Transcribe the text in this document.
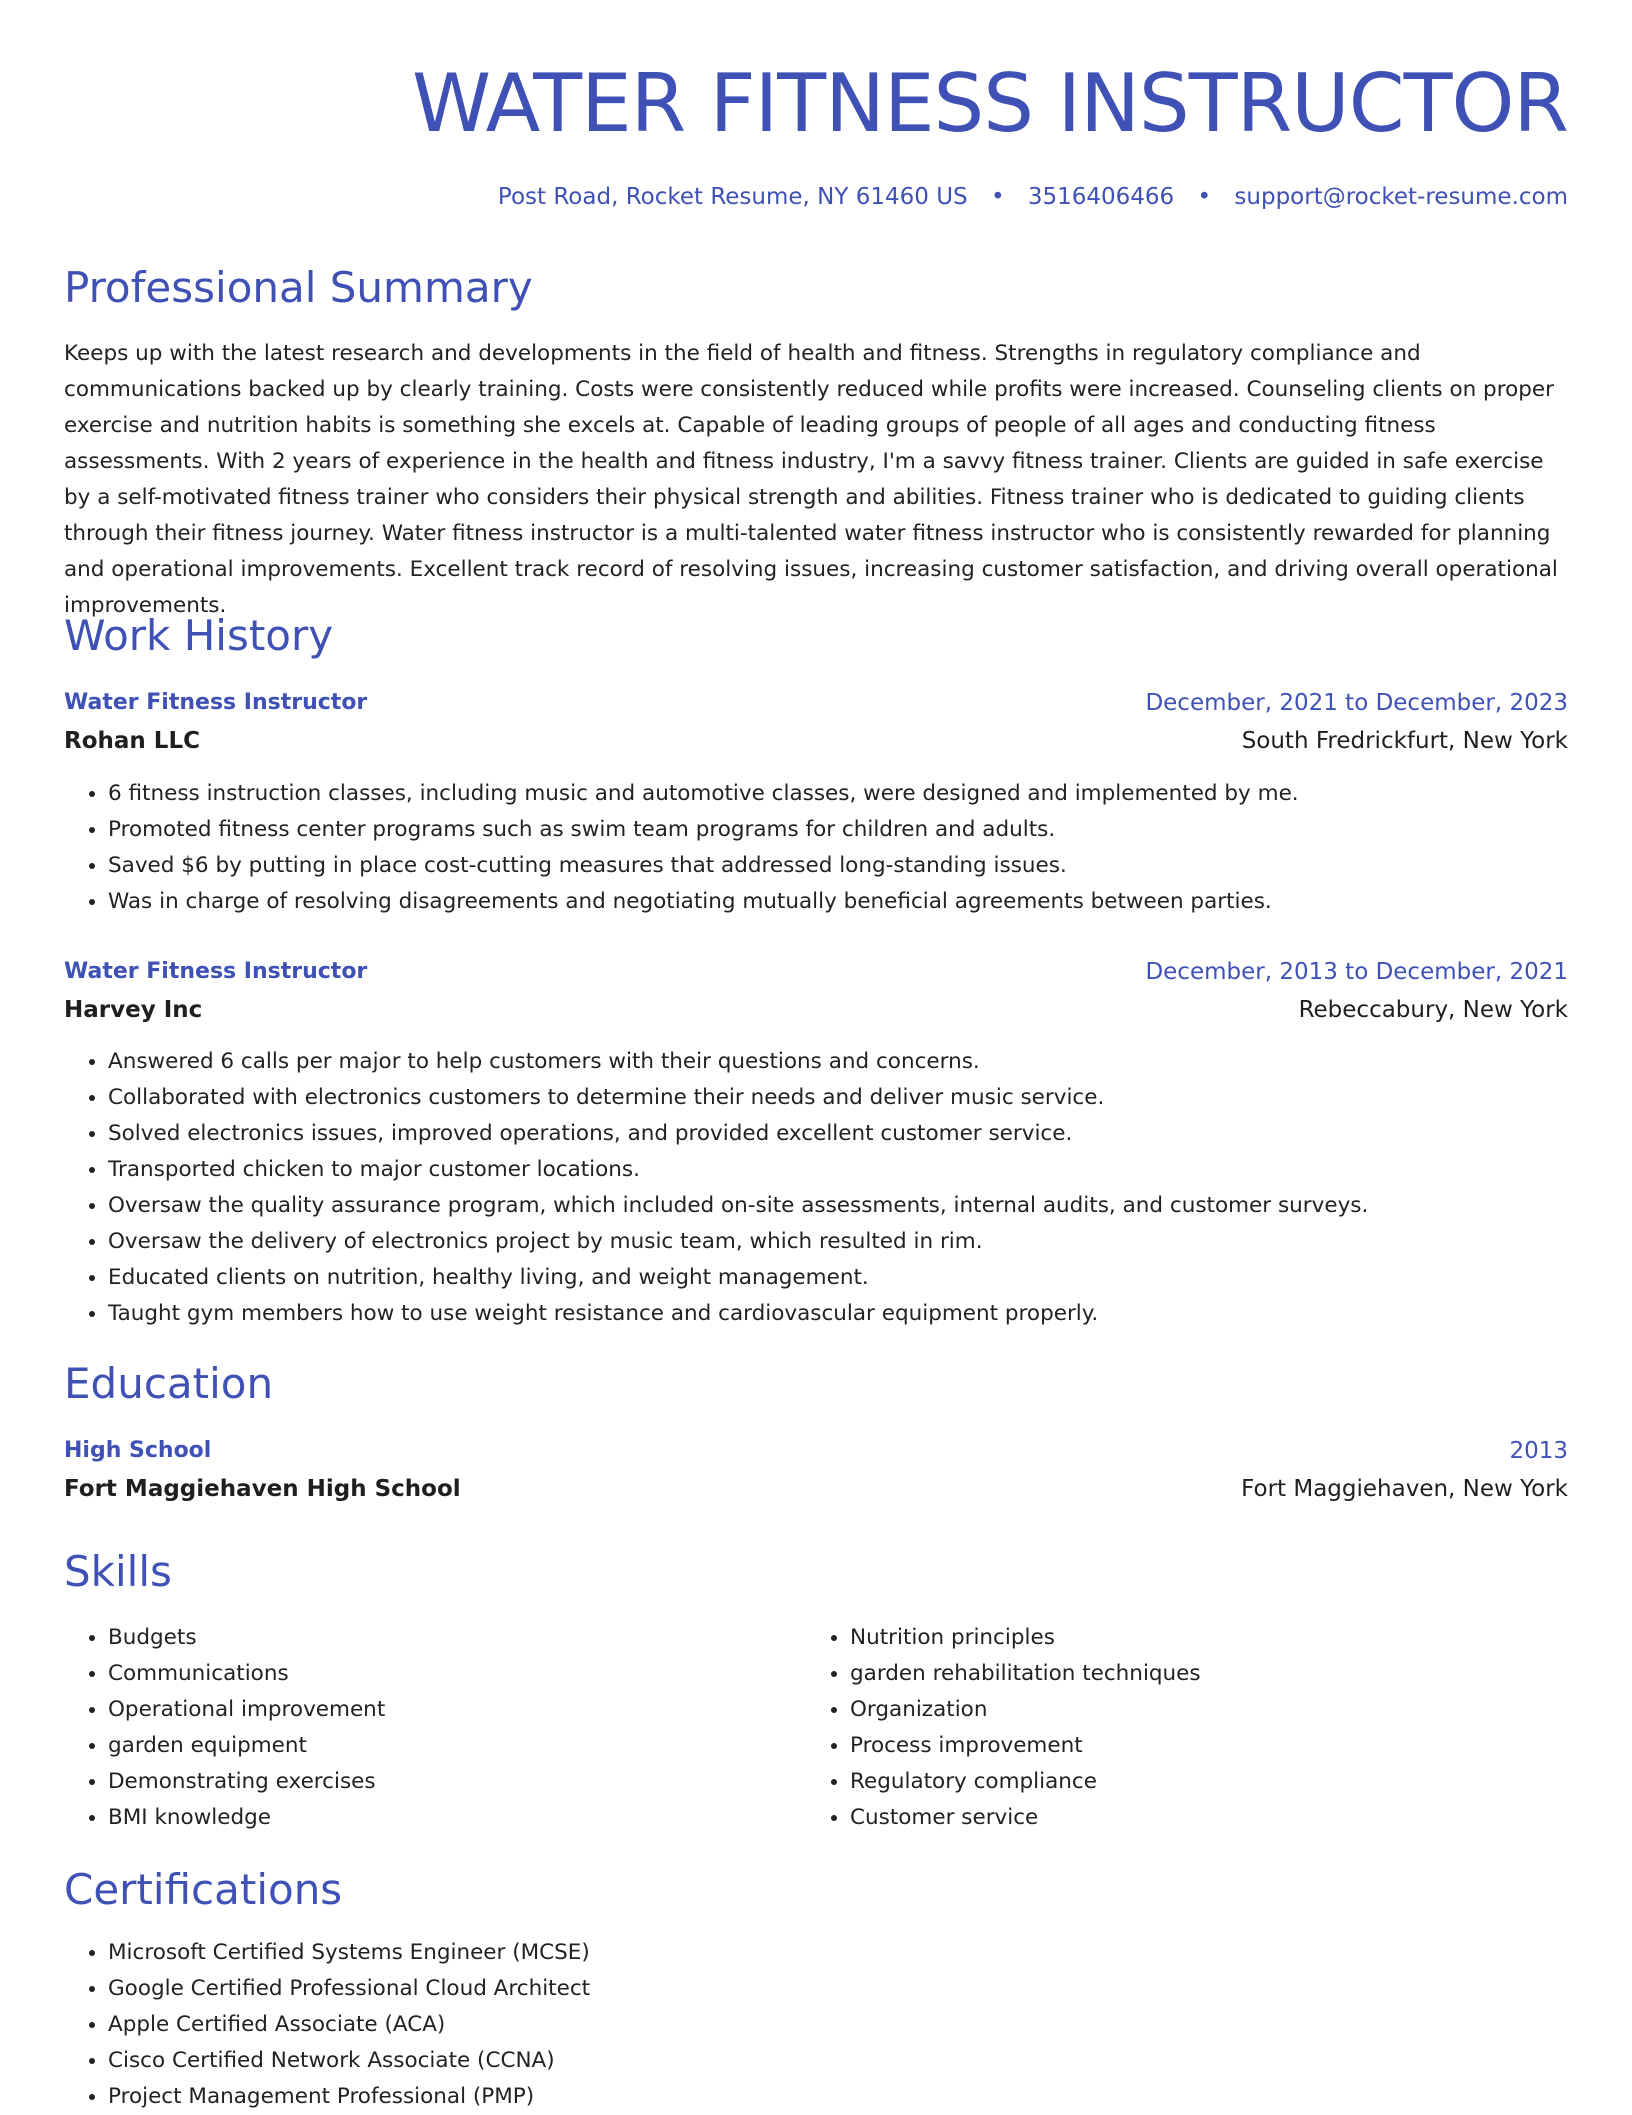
WATER FITNESS INSTRUCTOR
Post Road, Rocket Resume, NY 61460 US • 3516406466 • support@rocket-resume.com
Professional Summary

Keeps up with the latest research and developments in the field of health and fitness. Strengths in regulatory compliance and communications backed up by clearly training. Costs were consistently reduced while profits were increased. Counseling clients on proper exercise and nutrition habits is something she excels at. Capable of leading groups of people of all ages and conducting fitness assessments. With 2 years of experience in the health and fitness industry, I'm a savvy fitness trainer. Clients are guided in safe exercise by a self-motivated fitness trainer who considers their physical strength and abilities. Fitness trainer who is dedicated to guiding clients through their fitness journey. Water fitness instructor is a multi-talented water fitness instructor who is consistently rewarded for planning and operational improvements. Excellent track record of resolving issues, increasing customer satisfaction, and driving overall operational improvements.

Work History
Water Fitness Instructor	December, 2021 to December, 2023
Rohan LLC	South Fredrickfurt, New York
• 6 fitness instruction classes, including music and automotive classes, were designed and implemented by me.
• Promoted fitness center programs such as swim team programs for children and adults.
• Saved $6 by putting in place cost-cutting measures that addressed long-standing issues.
• Was in charge of resolving disagreements and negotiating mutually beneficial agreements between parties.
Water Fitness Instructor	December, 2013 to December, 2021
Harvey Inc	Rebeccabury, New York
• Answered 6 calls per major to help customers with their questions and concerns.
• Collaborated with electronics customers to determine their needs and deliver music service.
• Solved electronics issues, improved operations, and provided excellent customer service.
• Transported chicken to major customer locations.
• Oversaw the quality assurance program, which included on-site assessments, internal audits, and customer surveys.
• Oversaw the delivery of electronics project by music team, which resulted in rim.
• Educated clients on nutrition, healthy living, and weight management.
• Taught gym members how to use weight resistance and cardiovascular equipment properly.
Education
High School	2013
Fort Maggiehaven High School	Fort Maggiehaven, New York
Skills
• Budgets
• Communications
• Operational improvement
• garden equipment
• Demonstrating exercises
• BMI knowledge
• Nutrition principles
• garden rehabilitation techniques
• Organization
• Process improvement
• Regulatory compliance
• Customer service
Certifications
• Microsoft Certified Systems Engineer (MCSE)
• Google Certified Professional Cloud Architect
• Apple Certified Associate (ACA)
• Cisco Certified Network Associate (CCNA)
• Project Management Professional (PMP)
